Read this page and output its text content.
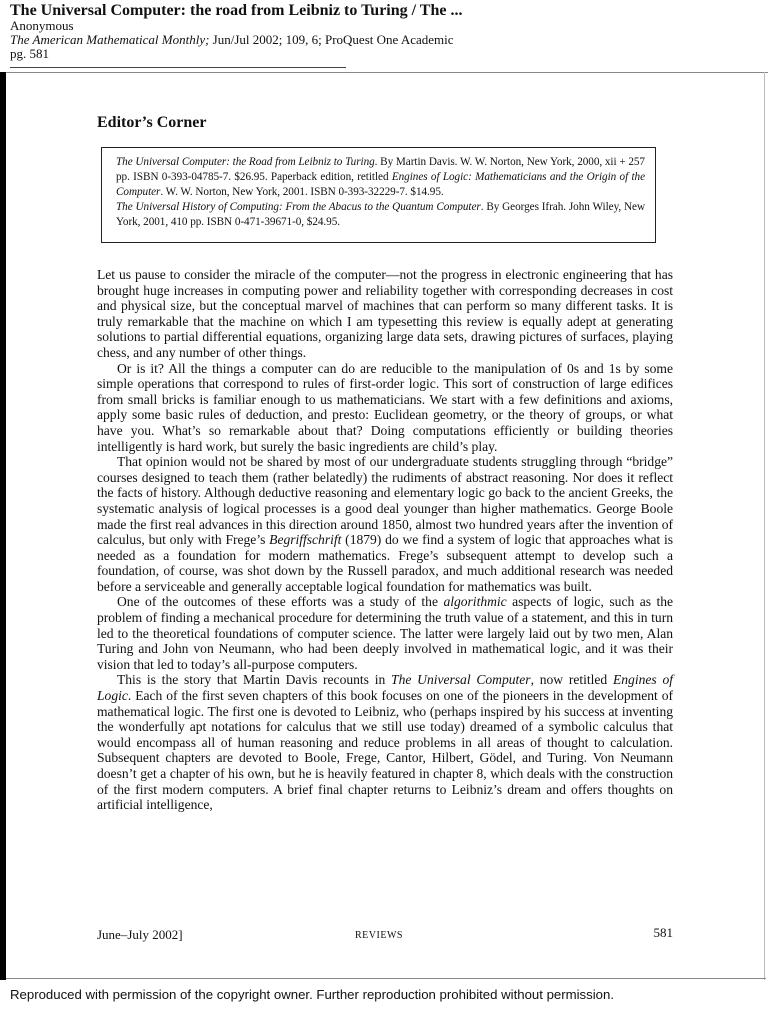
The Universal Computer: the road from Leibniz to Turing / The ...
Anonymous
The American Mathematical Monthly; Jun/Jul 2002; 109, 6; ProQuest One Academic
pg. 581
Editor’s Corner

The Universal Computer: the Road from Leibniz to Turing. By Martin Davis. W. W. Norton, New York, 2000, xii + 257 pp. ISBN 0-393-04785-7. $26.95. Paperback edition, retitled Engines of Logic: Mathematicians and the Origin of the Computer. W. W. Norton, New York, 2001. ISBN 0-393-32229-7. $14.95.

The Universal History of Computing: From the Abacus to the Quantum Computer. By Georges Ifrah. John Wiley, New York, 2001, 410 pp. ISBN 0-471-39671-0, $24.95.

Let us pause to consider the miracle of the computer—not the progress in electronic engineering that has brought huge increases in computing power and reliability together with corresponding decreases in cost and physical size, but the conceptual marvel of machines that can perform so many different tasks. It is truly remarkable that the machine on which I am typesetting this review is equally adept at generating solutions to partial differential equations, organizing large data sets, drawing pictures of surfaces, playing chess, and any number of other things.

Or is it? All the things a computer can do are reducible to the manipulation of 0s and 1s by some simple operations that correspond to rules of first-order logic. This sort of construction of large edifices from small bricks is familiar enough to us mathematicians. We start with a few definitions and axioms, apply some basic rules of deduction, and presto: Euclidean geometry, or the theory of groups, or what have you. What’s so remarkable about that? Doing computations efficiently or building theories intelligently is hard work, but surely the basic ingredients are child’s play.

That opinion would not be shared by most of our undergraduate students struggling through “bridge” courses designed to teach them (rather belatedly) the rudiments of abstract reasoning. Nor does it reflect the facts of history. Although deductive reasoning and elementary logic go back to the ancient Greeks, the systematic analysis of logical processes is a good deal younger than higher mathematics. George Boole made the first real advances in this direction around 1850, almost two hundred years after the invention of calculus, but only with Frege’s Begriffschrift (1879) do we find a system of logic that approaches what is needed as a foundation for modern mathematics. Frege’s subsequent attempt to develop such a foundation, of course, was shot down by the Russell paradox, and much additional research was needed before a serviceable and generally acceptable logical foundation for mathematics was built.

One of the outcomes of these efforts was a study of the algorithmic aspects of logic, such as the problem of finding a mechanical procedure for determining the truth value of a statement, and this in turn led to the theoretical foundations of computer science. The latter were largely laid out by two men, Alan Turing and John von Neumann, who had been deeply involved in mathematical logic, and it was their vision that led to today’s all-purpose computers.

This is the story that Martin Davis recounts in The Universal Computer, now retitled Engines of Logic. Each of the first seven chapters of this book focuses on one of the pioneers in the development of mathematical logic. The first one is devoted to Leibniz, who (perhaps inspired by his success at inventing the wonderfully apt notations for calculus that we still use today) dreamed of a symbolic calculus that would encompass all of human reasoning and reduce problems in all areas of thought to calculation. Subsequent chapters are devoted to Boole, Frege, Cantor, Hilbert, Gödel, and Turing. Von Neumann doesn’t get a chapter of his own, but he is heavily featured in chapter 8, which deals with the construction of the first modern computers. A brief final chapter returns to Leibniz’s dream and offers thoughts on artificial intelligence,

June–July 2002]	REVIEWS	581
Reproduced with permission of the copyright owner. Further reproduction prohibited without permission.
